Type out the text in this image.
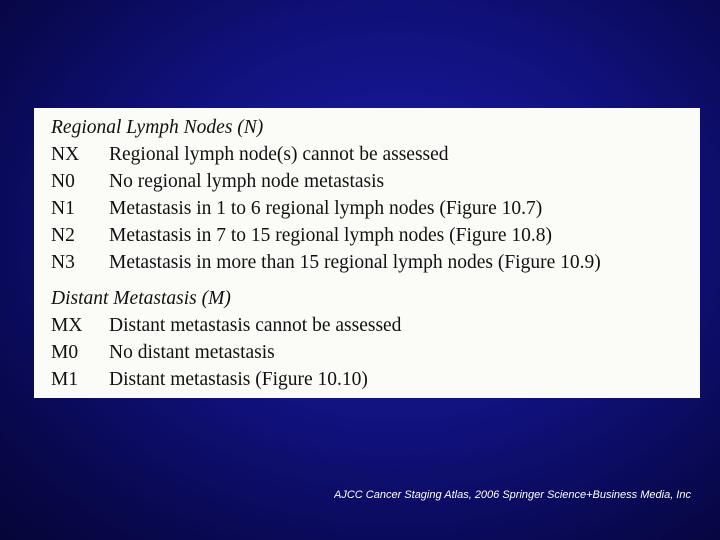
Regional Lymph Nodes (N)
NX	Regional lymph node(s) cannot be assessed
N0	No regional lymph node metastasis
N1	Metastasis in 1 to 6 regional lymph nodes (Figure 10.7)
N2	Metastasis in 7 to 15 regional lymph nodes (Figure 10.8)
N3	Metastasis in more than 15 regional lymph nodes (Figure 10.9)
Distant Metastasis (M)
MX	Distant metastasis cannot be assessed
M0	No distant metastasis
M1	Distant metastasis (Figure 10.10)
AJCC Cancer Staging Atlas, 2006 Springer Science+Business Media, Inc
